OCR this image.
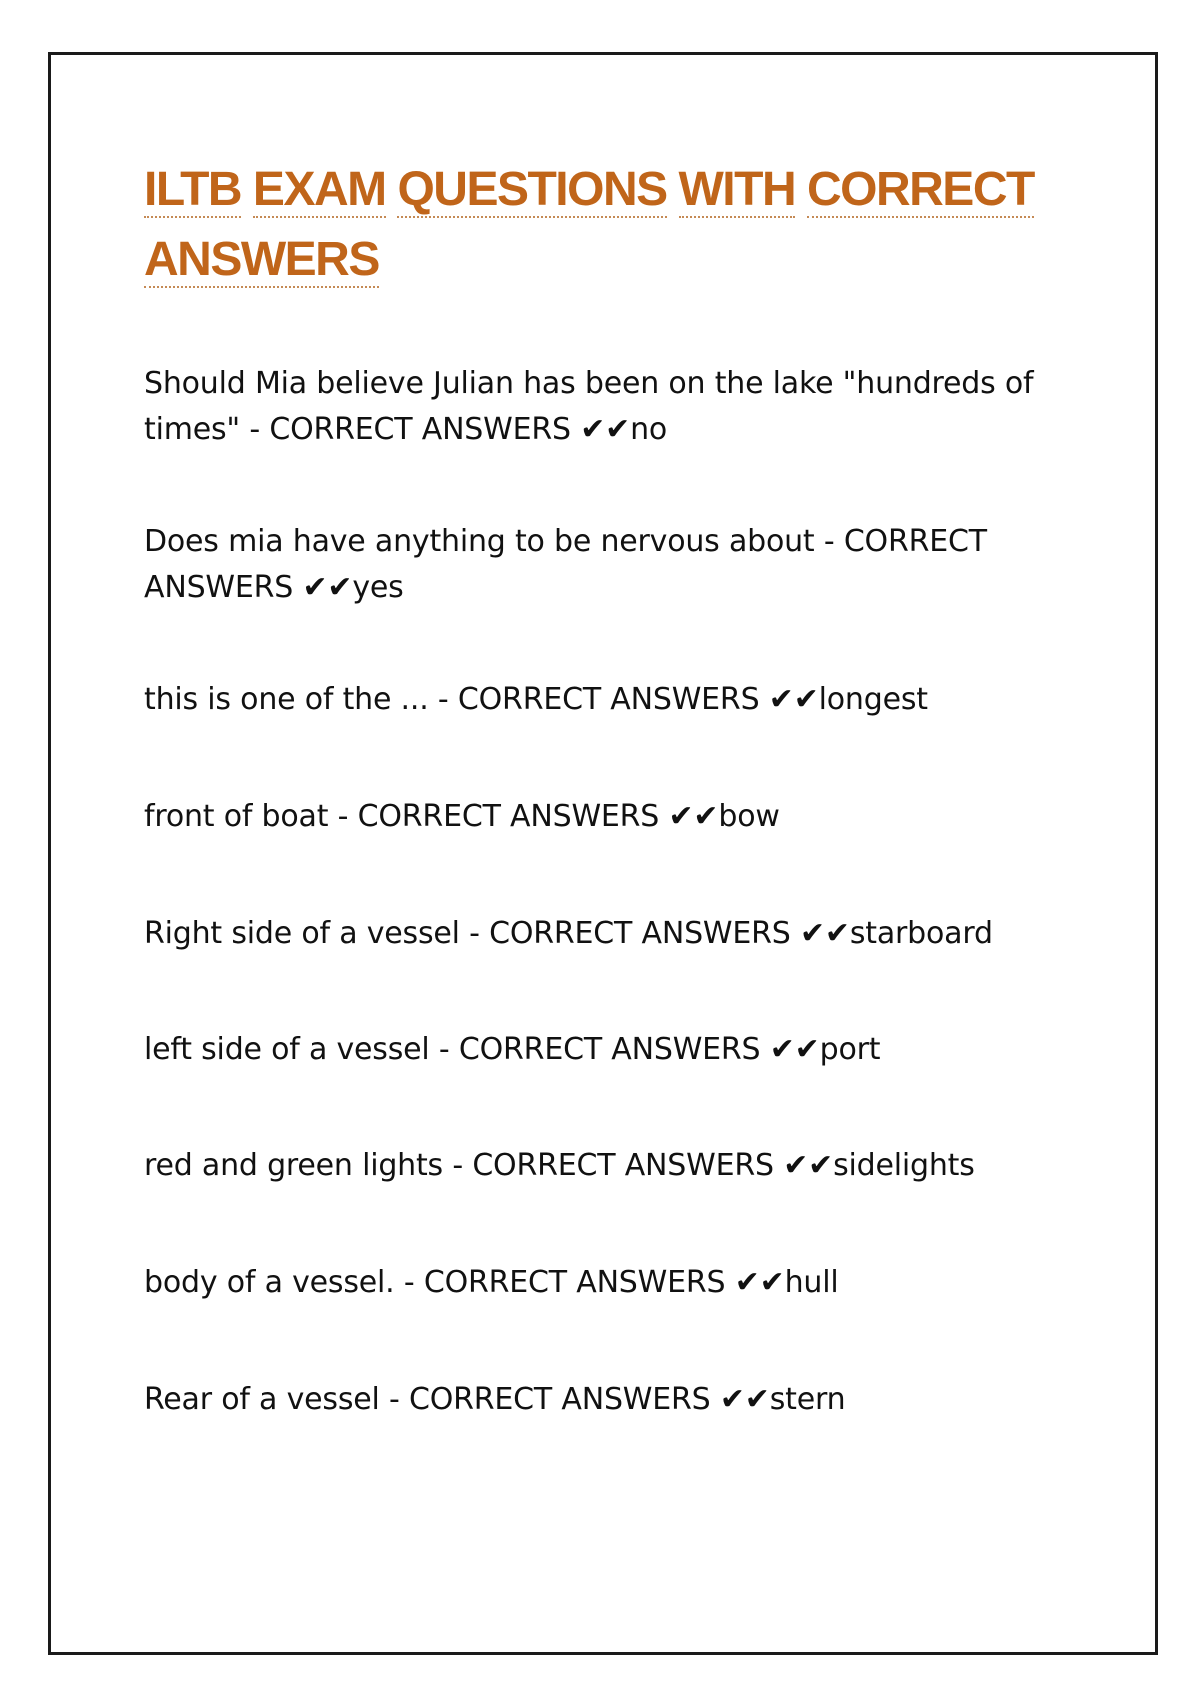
ILTB EXAM QUESTIONS WITH CORRECT
ANSWERS

Should Mia believe Julian has been on the lake "hundreds of times" - CORRECT ANSWERS ✔✔no

Does mia have anything to be nervous about - CORRECT ANSWERS ✔✔yes

this is one of the ... - CORRECT ANSWERS ✔✔longest

front of boat - CORRECT ANSWERS ✔✔bow

Right side of a vessel - CORRECT ANSWERS ✔✔starboard

left side of a vessel - CORRECT ANSWERS ✔✔port

red and green lights - CORRECT ANSWERS ✔✔sidelights

body of a vessel. - CORRECT ANSWERS ✔✔hull

Rear of a vessel - CORRECT ANSWERS ✔✔stern
